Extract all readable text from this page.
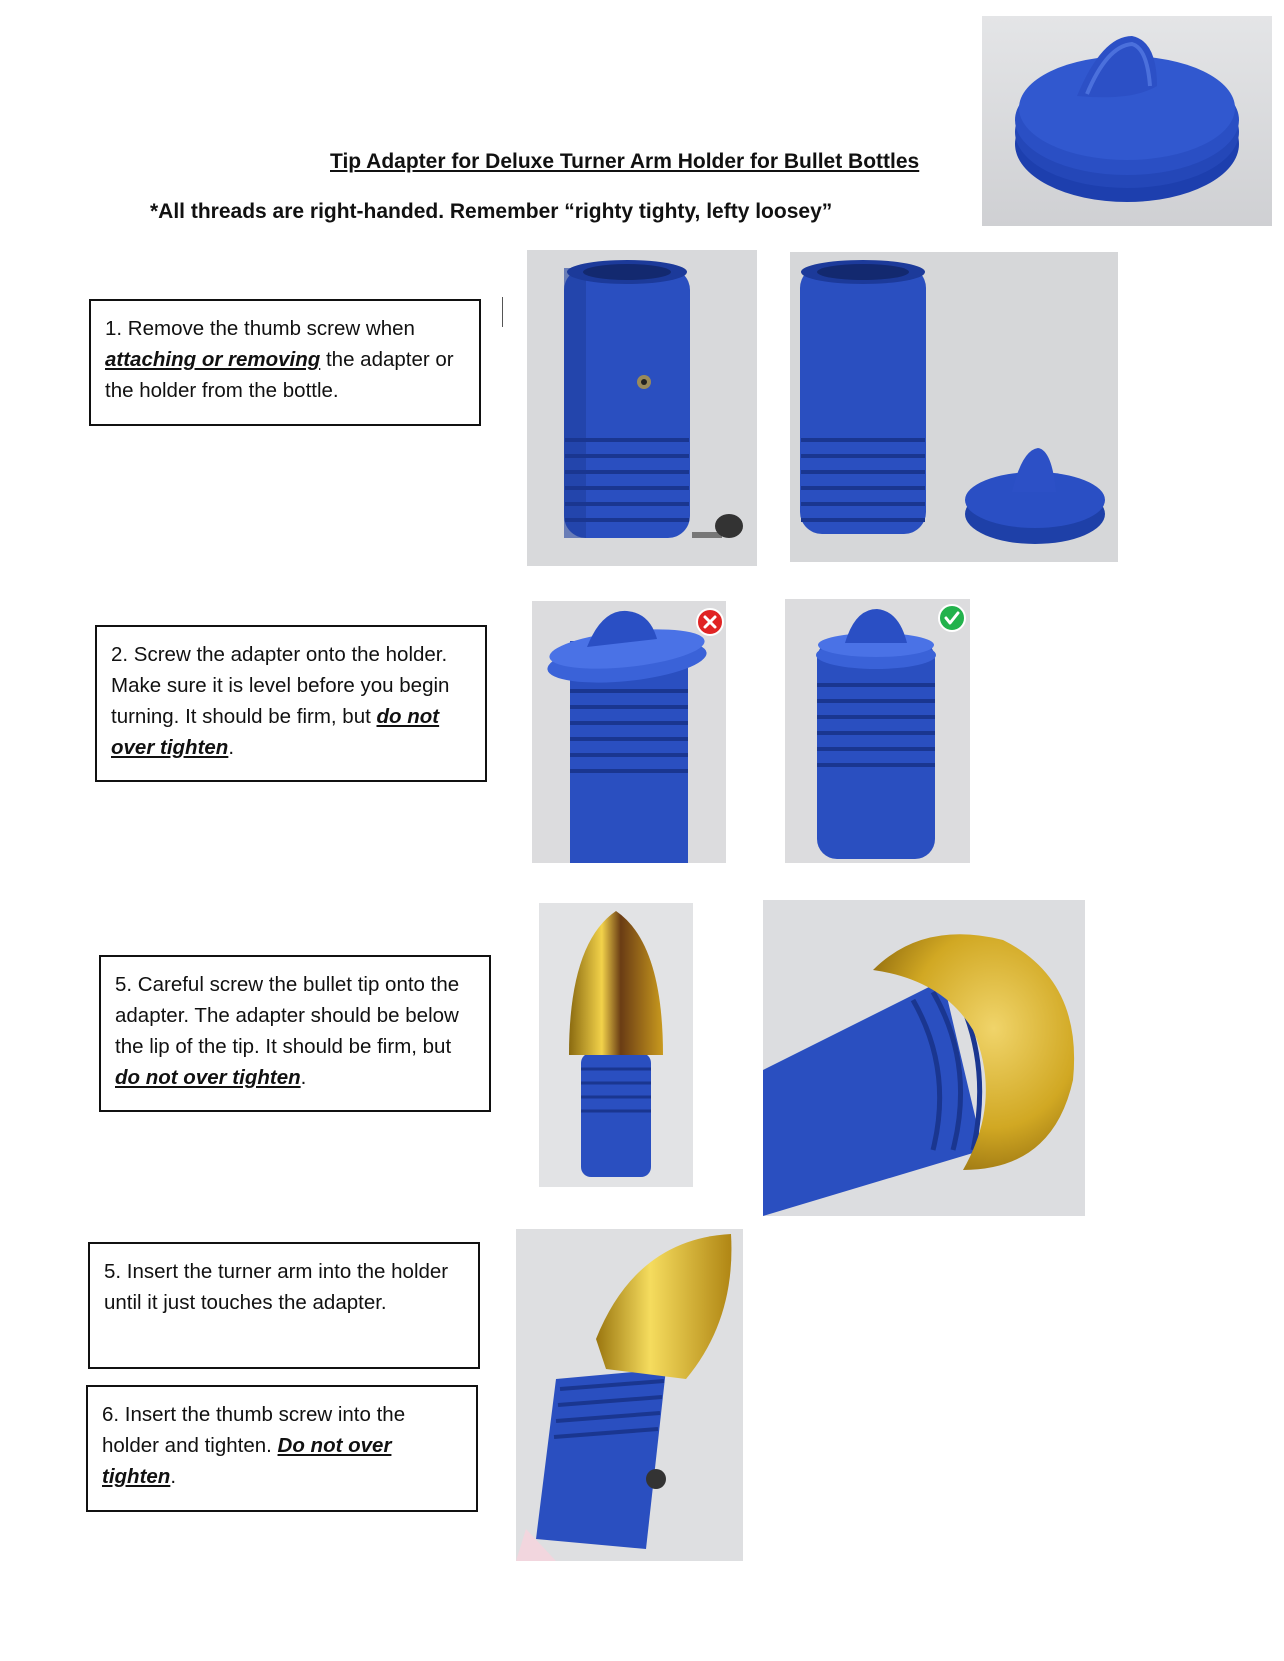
Tip Adapter for Deluxe Turner Arm Holder for Bullet Bottles
*All threads are right-handed. Remember “righty tighty, lefty loosey”
1. Remove the thumb screw when attaching or removing the adapter or the holder from the bottle.
2. Screw the adapter onto the holder. Make sure it is level before you begin turning. It should be firm, but do not over tighten.
5. Careful screw the bullet tip onto the adapter. The adapter should be below the lip of the tip. It should be firm, but do not over tighten.
5. Insert the turner arm into the holder until it just touches the adapter.
6. Insert the thumb screw into the holder and tighten. Do not over tighten.
